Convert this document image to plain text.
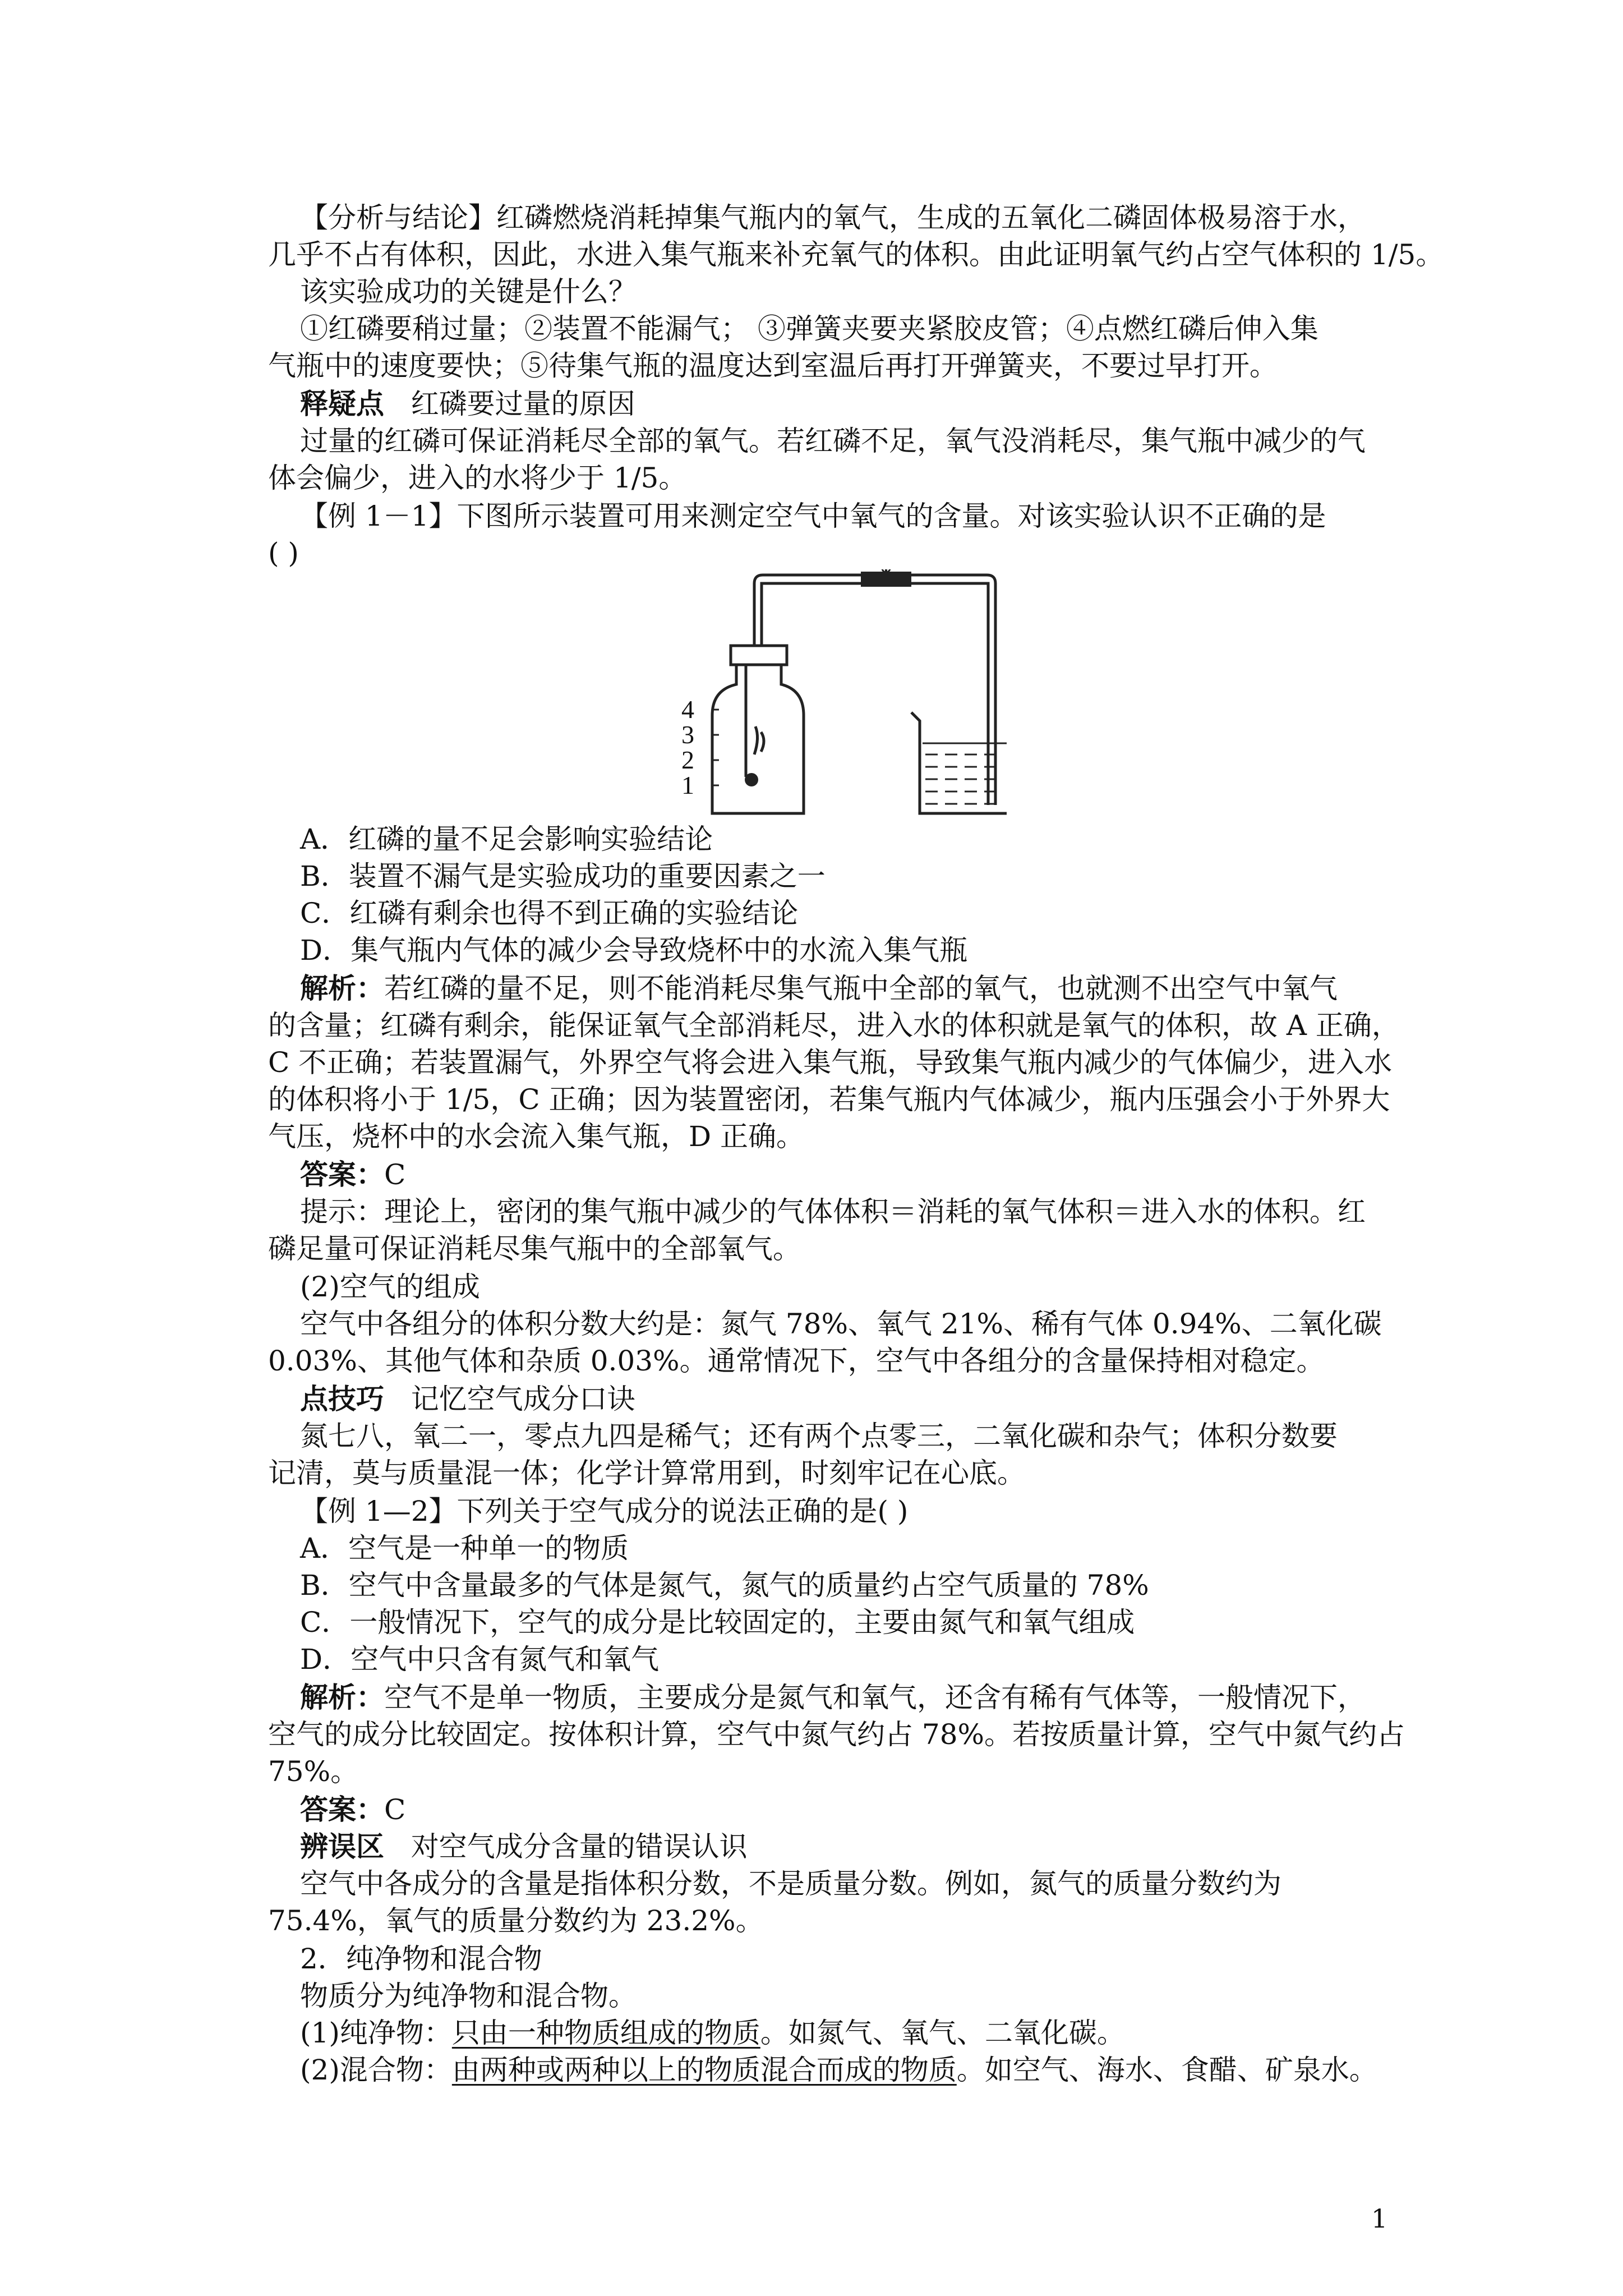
【分析与结论】红磷燃烧消耗掉集气瓶内的氧气，生成的五氧化二磷固体极易溶于水，
几乎不占有体积，因此，水进入集气瓶来补充氧气的体积。由此证明氧气约占空气体积的 1/5。
该实验成功的关键是什么？
①红磷要稍过量；②装置不能漏气； ③弹簧夹要夹紧胶皮管；④点燃红磷后伸入集
气瓶中的速度要快；⑤待集气瓶的温度达到室温后再打开弹簧夹，不要过早打开。
释疑点 红磷要过量的原因
过量的红磷可保证消耗尽全部的氧气。若红磷不足，氧气没消耗尽，集气瓶中减少的气
体会偏少，进入的水将少于 1/5。
【例 1－1】下图所示装置可用来测定空气中氧气的含量。对该实验认识不正确的是
( )
4
3
2
1
A．红磷的量不足会影响实验结论
B．装置不漏气是实验成功的重要因素之一
C．红磷有剩余也得不到正确的实验结论
D．集气瓶内气体的减少会导致烧杯中的水流入集气瓶
解析：若红磷的量不足，则不能消耗尽集气瓶中全部的氧气，也就测不出空气中氧气
的含量；红磷有剩余，能保证氧气全部消耗尽，进入水的体积就是氧气的体积，故 A 正确，
C 不正确；若装置漏气，外界空气将会进入集气瓶，导致集气瓶内减少的气体偏少，进入水
的体积将小于 1/5，C 正确；因为装置密闭，若集气瓶内气体减少，瓶内压强会小于外界大
气压，烧杯中的水会流入集气瓶，D 正确。
答案：C
提示：理论上，密闭的集气瓶中减少的气体体积＝消耗的氧气体积＝进入水的体积。红
磷足量可保证消耗尽集气瓶中的全部氧气。
(2)空气的组成
空气中各组分的体积分数大约是：氮气 78%、氧气 21%、稀有气体 0.94%、二氧化碳
0.03%、其他气体和杂质 0.03%。通常情况下，空气中各组分的含量保持相对稳定。
点技巧 记忆空气成分口诀
氮七八，氧二一，零点九四是稀气；还有两个点零三，二氧化碳和杂气；体积分数要
记清，莫与质量混一体；化学计算常用到，时刻牢记在心底。
【例 1—2】下列关于空气成分的说法正确的是( )
A．空气是一种单一的物质
B．空气中含量最多的气体是氮气，氮气的质量约占空气质量的 78%
C．一般情况下，空气的成分是比较固定的，主要由氮气和氧气组成
D．空气中只含有氮气和氧气
解析：空气不是单一物质，主要成分是氮气和氧气，还含有稀有气体等，一般情况下，
空气的成分比较固定。按体积计算，空气中氮气约占 78%。若按质量计算，空气中氮气约占
75%。
答案：C
辨误区 对空气成分含量的错误认识
空气中各成分的含量是指体积分数，不是质量分数。例如，氮气的质量分数约为
75.4%，氧气的质量分数约为 23.2%。
2．纯净物和混合物
物质分为纯净物和混合物。
(1)纯净物：只由一种物质组成的物质。如氮气、氧气、二氧化碳。
(2)混合物：由两种或两种以上的物质混合而成的物质。如空气、海水、食醋、矿泉水。
1
